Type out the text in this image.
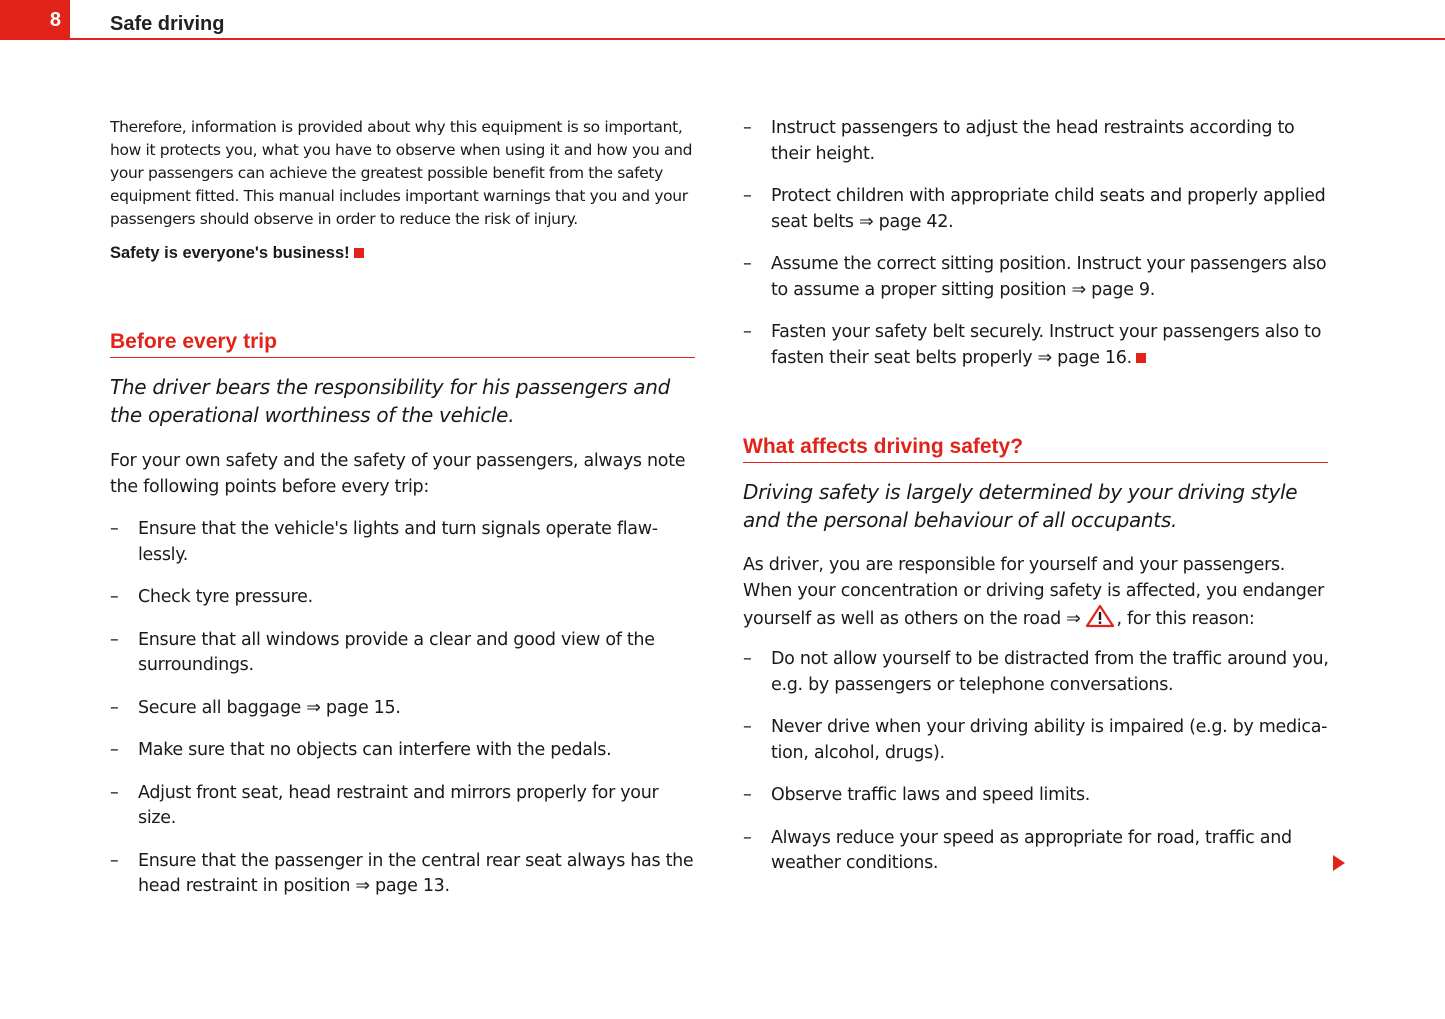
8	Safe driving

Therefore, information is provided about why this equipment is so important, how it protects you, what you have to observe when using it and how you and your passengers can achieve the greatest possible benefit from the safety equipment fitted. This manual includes important warnings that you and your passengers should observe in order to reduce the risk of injury.

Safety is everyone's business!

Before every trip

The driver bears the responsibility for his passengers and the operational worthiness of the vehicle.

For your own safety and the safety of your passengers, always note the following points before every trip:

– Ensure that the vehicle's lights and turn signals operate flaw-lessly.
– Check tyre pressure.
– Ensure that all windows provide a clear and good view of the surroundings.
– Secure all baggage ⇒ page 15.
– Make sure that no objects can interfere with the pedals.
– Adjust front seat, head restraint and mirrors properly for your size.
– Ensure that the passenger in the central rear seat always has the head restraint in position ⇒ page 13.
– Instruct passengers to adjust the head restraints according to their height.
– Protect children with appropriate child seats and properly applied seat belts ⇒ page 42.
– Assume the correct sitting position. Instruct your passengers also to assume a proper sitting position ⇒ page 9.
– Fasten your safety belt securely. Instruct your passengers also to fasten their seat belts properly ⇒ page 16.
What affects driving safety?

Driving safety is largely determined by your driving style and the personal behaviour of all occupants.

As driver, you are responsible for yourself and your passengers. When your concentration or driving safety is affected, you endanger yourself as well as others on the road ⇒ , for this reason:

– Do not allow yourself to be distracted from the traffic around you, e.g. by passengers or telephone conversations.
– Never drive when your driving ability is impaired (e.g. by medica-tion, alcohol, drugs).
– Observe traffic laws and speed limits.
– Always reduce your speed as appropriate for road, traffic and weather conditions.
